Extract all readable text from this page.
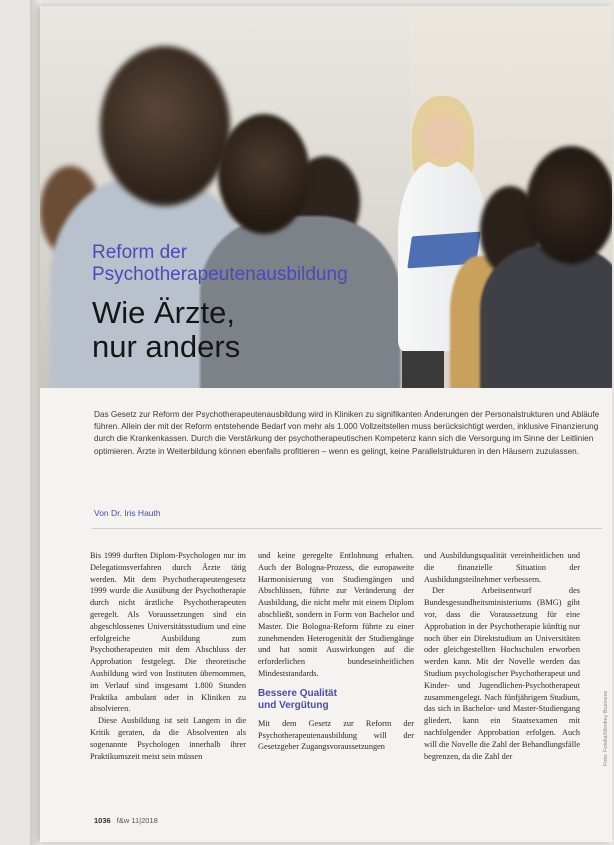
Reform der
Psychotherapeutenausbildung
Wie Ärzte,
nur anders

Das Gesetz zur Reform der Psychotherapeutenausbildung wird in Kliniken zu signifikanten Änderungen der Personalstrukturen und Abläufe führen. Allein der mit der Reform entstehende Bedarf von mehr als 1.000 Vollzeitstellen muss berücksichtigt werden, inklusive Finanzierung durch die Krankenkassen. Durch die Verstärkung der psychotherapeutischen Kompetenz kann sich die Versorgung im Sinne der Leitlinien optimieren. Ärzte in Weiterbildung können ebenfalls profitieren – wenn es gelingt, keine Parallelstrukturen in den Häusern zuzulassen.

Von Dr. Iris Hauth

Bis 1999 durften Diplom-Psychologen nur im Delegationsverfahren durch Ärzte tätig werden. Mit dem Psychotherapeutengesetz 1999 wurde die Ausübung der Psychotherapie durch nicht ärztliche Psychotherapeuten geregelt. Als Voraussetzungen sind ein abgeschlossenes Universitätsstudium und eine erfolgreiche Ausbildung zum Psychotherapeuten mit dem Abschluss der Approbation festgelegt. Die theoretische Ausbildung wird von Instituten übernommen, im Verlauf sind insgesamt 1.800 Stunden Praktika ambulant oder in Kliniken zu absolvieren.

Diese Ausbildung ist seit Langem in die Kritik geraten, da die Absolventen als sogenannte Psychologen innerhalb ihrer Praktikumszeit meist sein müssen

und keine geregelte Entlohnung erhalten. Auch der Bologna-Prozess, die europaweite Harmonisierung von Studiengängen und Abschlüssen, führte zur Veränderung der Ausbildung, die nicht mehr mit einem Diplom abschließt, sondern in Form von Bachelor und Master. Die Bologna-Reform führte zu einer zunehmenden Heterogenität der Studiengänge und hat somit Auswirkungen auf die erforderlichen bundeseinheitlichen Mindeststandards.

Bessere Qualität
und Vergütung

Mit dem Gesetz zur Reform der Psychotherapeutenausbildung will der Gesetzgeber Zugangsvoraussetzungen

und Ausbildungsqualität vereinheitlichen und die finanzielle Situation der Ausbildungsteilnehmer verbessern.

Der Arbeitsentwurf des Bundesgesundheitsministeriums (BMG) gibt vor, dass die Voraussetzung für eine Approbation in der Psychotherapie künftig nur noch über ein Direktstudium an Universitäten oder gleichgestellten Hochschulen erworben werden kann. Mit der Novelle werden das Studium psychologischer Psychotherapeut und Kinder- und Jugendlichen-Psychotherapeut zusammengelegt. Nach fünfjährigem Studium, das sich in Bachelor- und Master-Studiengang gliedert, kann ein Staatsexamen mit nachfolgender Approbation erfolgen. Auch will die Novelle die Zahl der Behandlungsfälle begrenzen, da die Zahl der	Foto: Fotolia/Monkey Business

1036 f&w 11|2018
